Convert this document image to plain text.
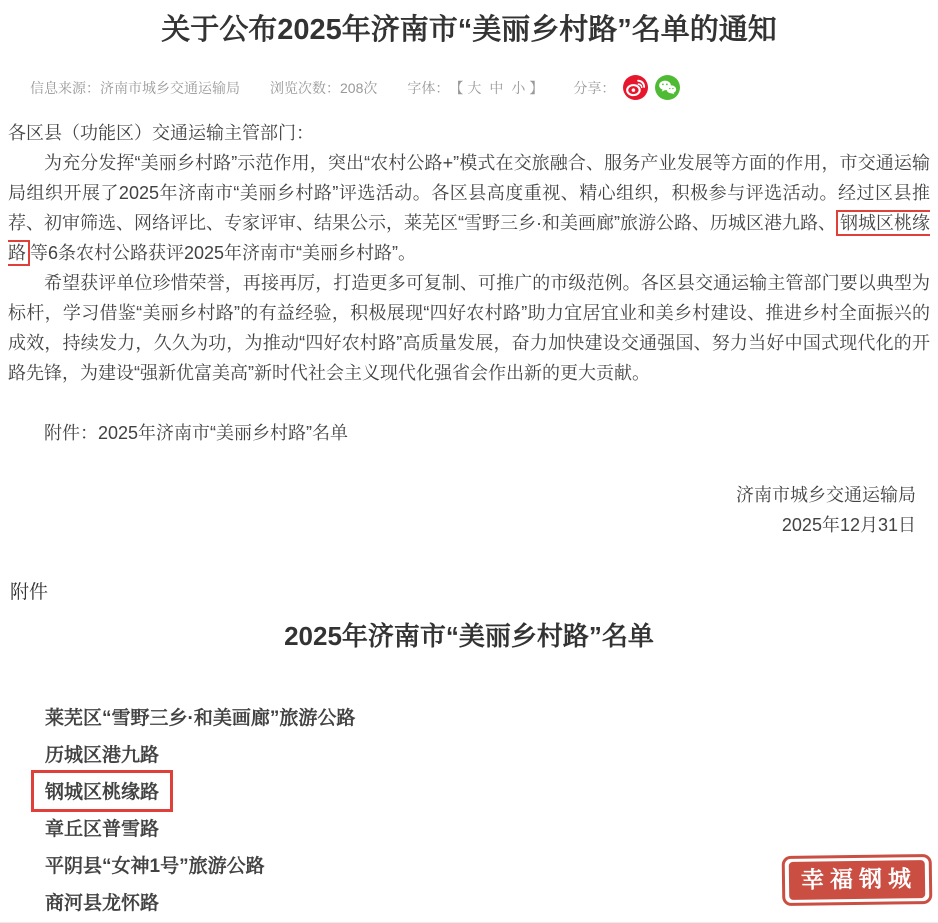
关于公布2025年济南市“美丽乡村路”名单的通知
信息来源： 济南市城乡交通运输局 浏览次数： 208次 字体： 【 大 中 小 】 分享：

各区县（功能区）交通运输主管部门：

为充分发挥“美丽乡村路”示范作用，突出“农村公路+”模式在交旅融合、服务产业发展等方面的作用，市交通运输局组织开展了2025年济南市“美丽乡村路”评选活动。各区县高度重视、精心组织，积极参与评选活动。经过区县推荐、初审筛选、网络评比、专家评审、结果公示，莱芜区“雪野三乡·和美画廊”旅游公路、历城区港九路、 钢城区桃缘路 等6条农村公路获评2025年济南市“美丽乡村路”。

希望获评单位珍惜荣誉，再接再厉，打造更多可复制、可推广的市级范例。各区县交通运输主管部门要以典型为标杆，学习借鉴“美丽乡村路”的有益经验，积极展现“四好农村路”助力宜居宜业和美乡村建设、推进乡村全面振兴的成效，持续发力，久久为功，为推动“四好农村路”高质量发展，奋力加快建设交通强国、努力当好中国式现代化的开路先锋，为建设“强新优富美高”新时代社会主义现代化强省会作出新的更大贡献。

附件：2025年济南市“美丽乡村路”名单

济南市城乡交通运输局

2025年12月31日

附件

2025年济南市“美丽乡村路”名单
莱芜区“雪野三乡·和美画廊”旅游公路
历城区港九路
钢城区桃缘路
章丘区普雪路
平阴县“女神1号”旅游公路
商河县龙怀路
幸福钢城
